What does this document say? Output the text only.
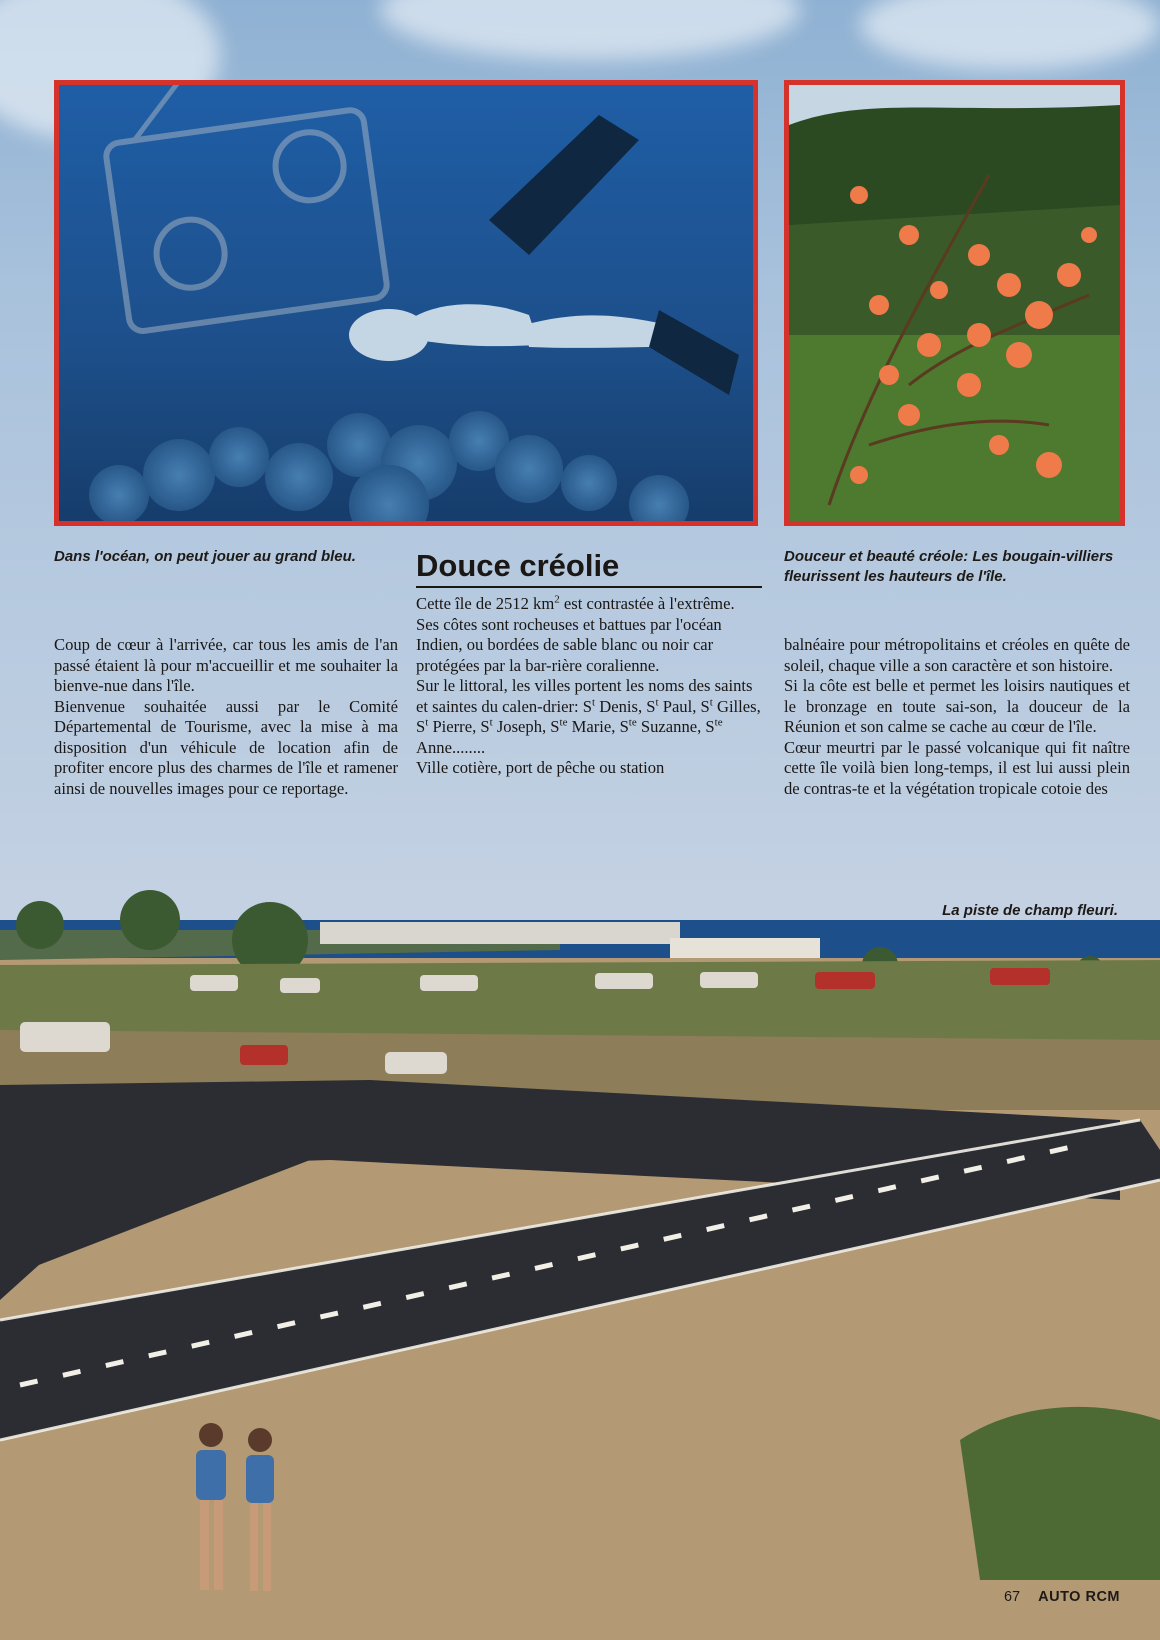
Dans l'océan, on peut jouer au grand bleu.	Douceur et beauté créole: Les bougain-villiers fleurissent les hauteurs de l'île.
Douce créolie

Coup de cœur à l'arrivée, car tous les amis de l'an passé étaient là pour m'accueillir et me souhaiter la bienve-nue dans l'île.

Bienvenue souhaitée aussi par le Comité Départemental de Tourisme, avec la mise à ma disposition d'un véhicule de location afin de profiter encore plus des charmes de l'île et ramener ainsi de nouvelles images pour ce reportage.

Cette île de 2512 $km^2$ est contrastée à l'extrême.

Ses côtes sont rocheuses et battues par l'océan Indien, ou bordées de sable blanc ou noir car protégées par la bar-rière coralienne.

Sur le littoral, les villes portent les noms des saints et saintes du calen-drier: $S^t$ Denis, $S^t$ Paul, $S^t$ Gilles, $S^t$ Pierre, $S^t$ Joseph, $S^{te}$ Marie, $S^{te}$ Suzanne, $S^{te}$ Anne........

Ville cotière, port de pêche ou station

balnéaire pour métropolitains et créoles en quête de soleil, chaque ville a son caractère et son histoire.

Si la côte est belle et permet les loisirs nautiques et le bronzage en toute sai-son, la douceur de la Réunion et son calme se cache au cœur de l'île.

Cœur meurtri par le passé volcanique qui fit naître cette île voilà bien long-temps, il est lui aussi plein de contras-te et la végétation tropicale cotoie des

La piste de champ fleuri.
67 AUTO RCM
